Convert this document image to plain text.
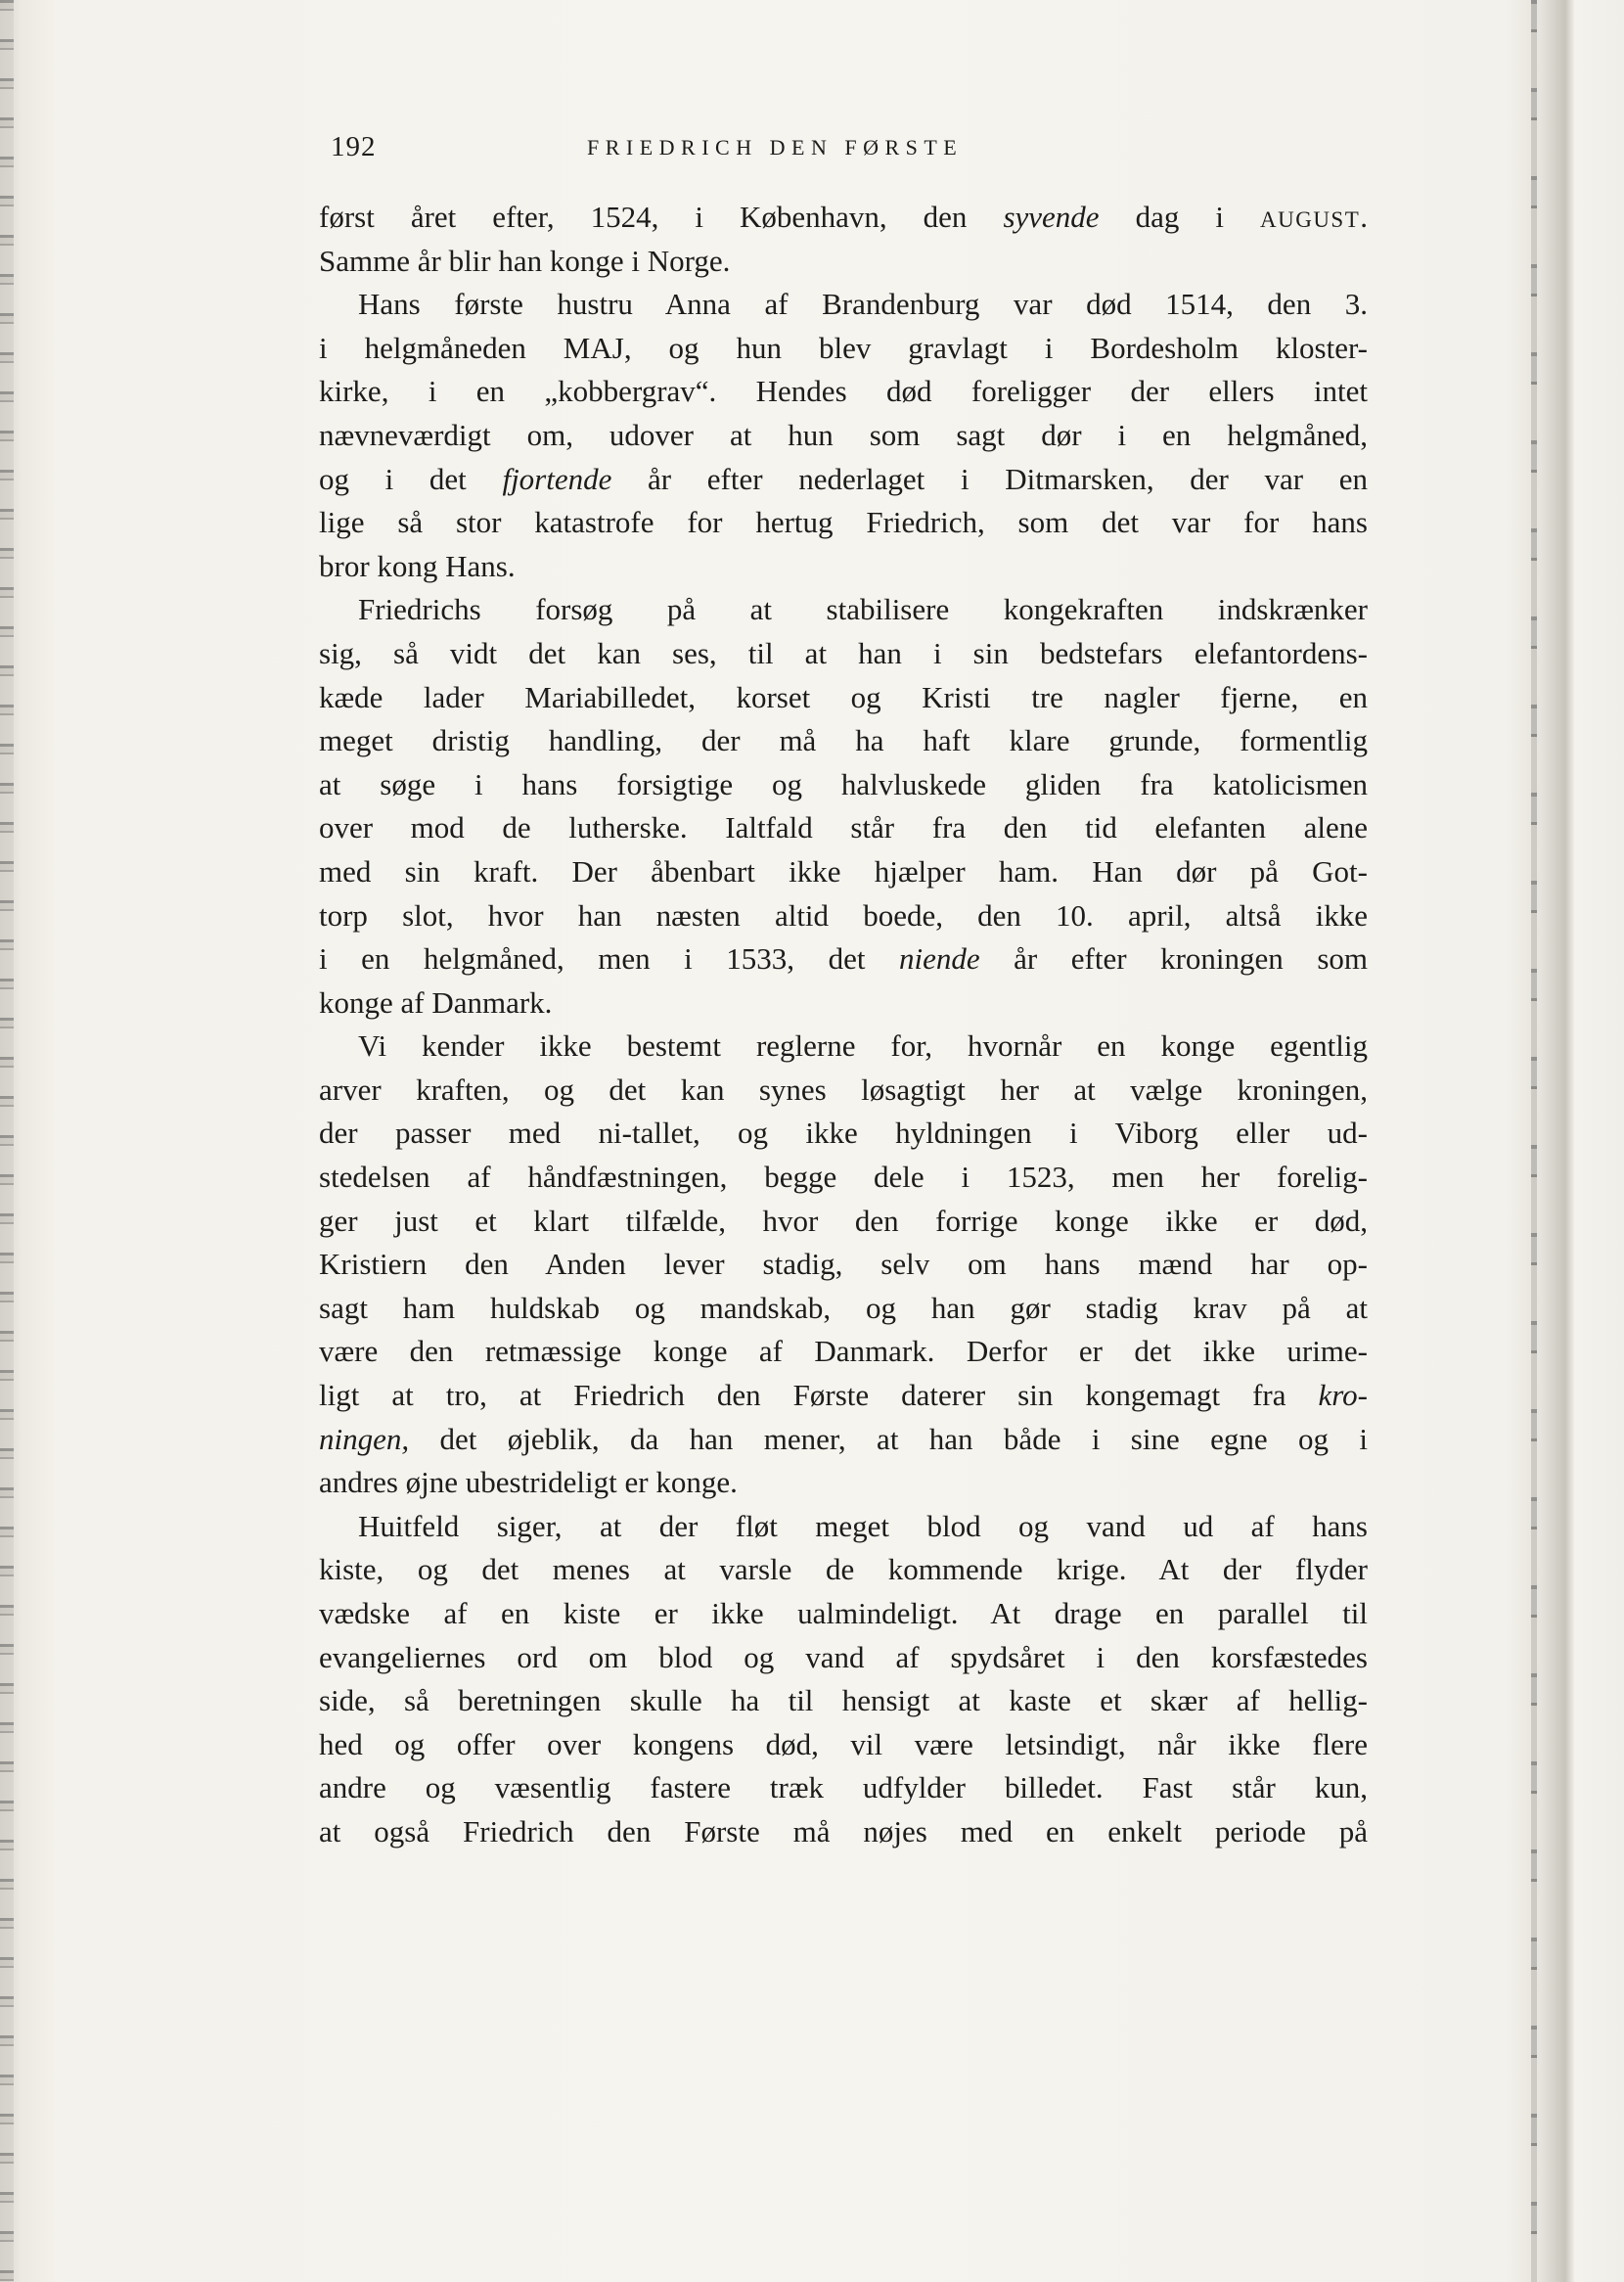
192	FRIEDRICH DEN FØRSTE
først året efter, 1524, i København, den syvende dag i AUGUST.
Samme år blir han konge i Norge.
Hans første hustru Anna af Brandenburg var død 1514, den 3.
i helgmåneden MAJ, og hun blev gravlagt i Bordesholm kloster-
kirke, i en „kobbergrav“. Hendes død foreligger der ellers intet
nævneværdigt om, udover at hun som sagt dør i en helgmåned,
og i det fjortende år efter nederlaget i Ditmarsken, der var en
lige så stor katastrofe for hertug Friedrich, som det var for hans
bror kong Hans.
Friedrichs forsøg på at stabilisere kongekraften indskrænker
sig, så vidt det kan ses, til at han i sin bedstefars elefantordens-
kæde lader Mariabilledet, korset og Kristi tre nagler fjerne, en
meget dristig handling, der må ha haft klare grunde, formentlig
at søge i hans forsigtige og halvluskede gliden fra katolicismen
over mod de lutherske. Ialtfald står fra den tid elefanten alene
med sin kraft. Der åbenbart ikke hjælper ham. Han dør på Got-
torp slot, hvor han næsten altid boede, den 10. april, altså ikke
i en helgmåned, men i 1533, det niende år efter kroningen som
konge af Danmark.
Vi kender ikke bestemt reglerne for, hvornår en konge egentlig
arver kraften, og det kan synes løsagtigt her at vælge kroningen,
der passer med ni-tallet, og ikke hyldningen i Viborg eller ud-
stedelsen af håndfæstningen, begge dele i 1523, men her forelig-
ger just et klart tilfælde, hvor den forrige konge ikke er død,
Kristiern den Anden lever stadig, selv om hans mænd har op-
sagt ham huldskab og mandskab, og han gør stadig krav på at
være den retmæssige konge af Danmark. Derfor er det ikke urime-
ligt at tro, at Friedrich den Første daterer sin kongemagt fra kro-
ningen, det øjeblik, da han mener, at han både i sine egne og i
andres øjne ubestrideligt er konge.
Huitfeld siger, at der fløt meget blod og vand ud af hans
kiste, og det menes at varsle de kommende krige. At der flyder
vædske af en kiste er ikke ualmindeligt. At drage en parallel til
evangeliernes ord om blod og vand af spydsåret i den korsfæstedes
side, så beretningen skulle ha til hensigt at kaste et skær af hellig-
hed og offer over kongens død, vil være letsindigt, når ikke flere
andre og væsentlig fastere træk udfylder billedet. Fast står kun,
at også Friedrich den Første må nøjes med en enkelt periode på
